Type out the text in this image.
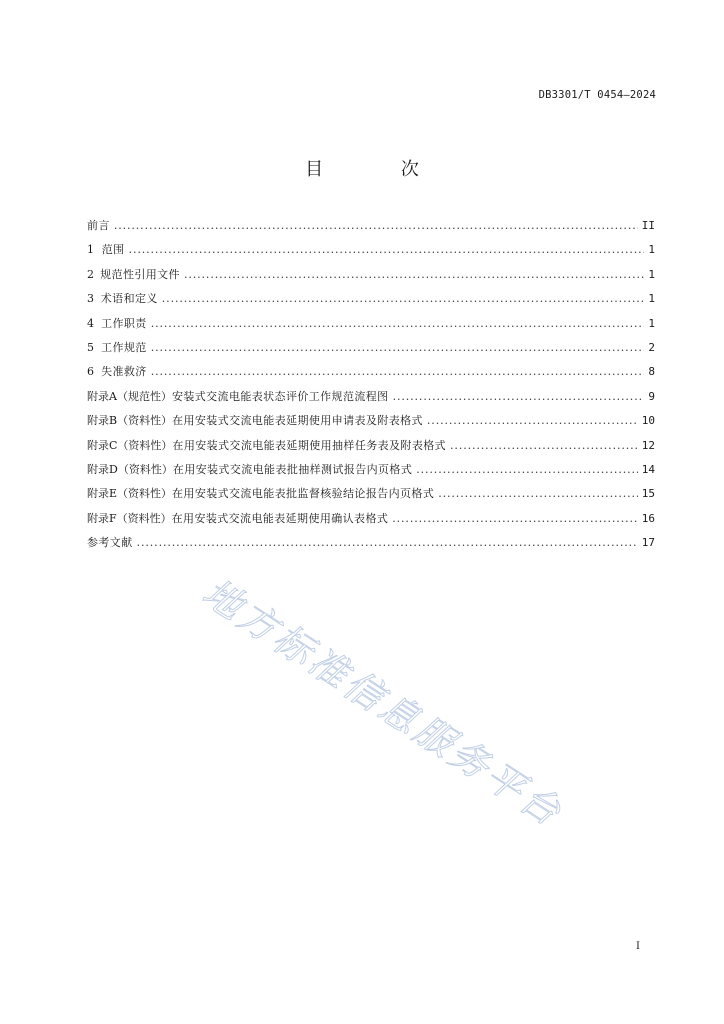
DB3301/T 0454—2024
目 次
前言 . . .	II
1 范围 . . .	1
2 规范性引用文件 . . .	1
3 术语和定义 . . .	1
4 工作职责 . . .	1
5 工作规范 . . .	2
6 失准救济 . . .	8
附录A（规范性） 安装式交流电能表状态评价工作规范流程图 . . .	9
附录B（资料性） 在用安装式交流电能表延期使用申请表及附表格式 . . .	10
附录C（资料性） 在用安装式交流电能表延期使用抽样任务表及附表格式 . . .	12
附录D（资料性） 在用安装式交流电能表批抽样测试报告内页格式 . . .	14
附录E（资料性） 在用安装式交流电能表批监督核验结论报告内页格式 . . .	15
附录F（资料性） 在用安装式交流电能表延期使用确认表格式 . . .	16
参考文献 . . .	17
地方标准信息服务平台
I
